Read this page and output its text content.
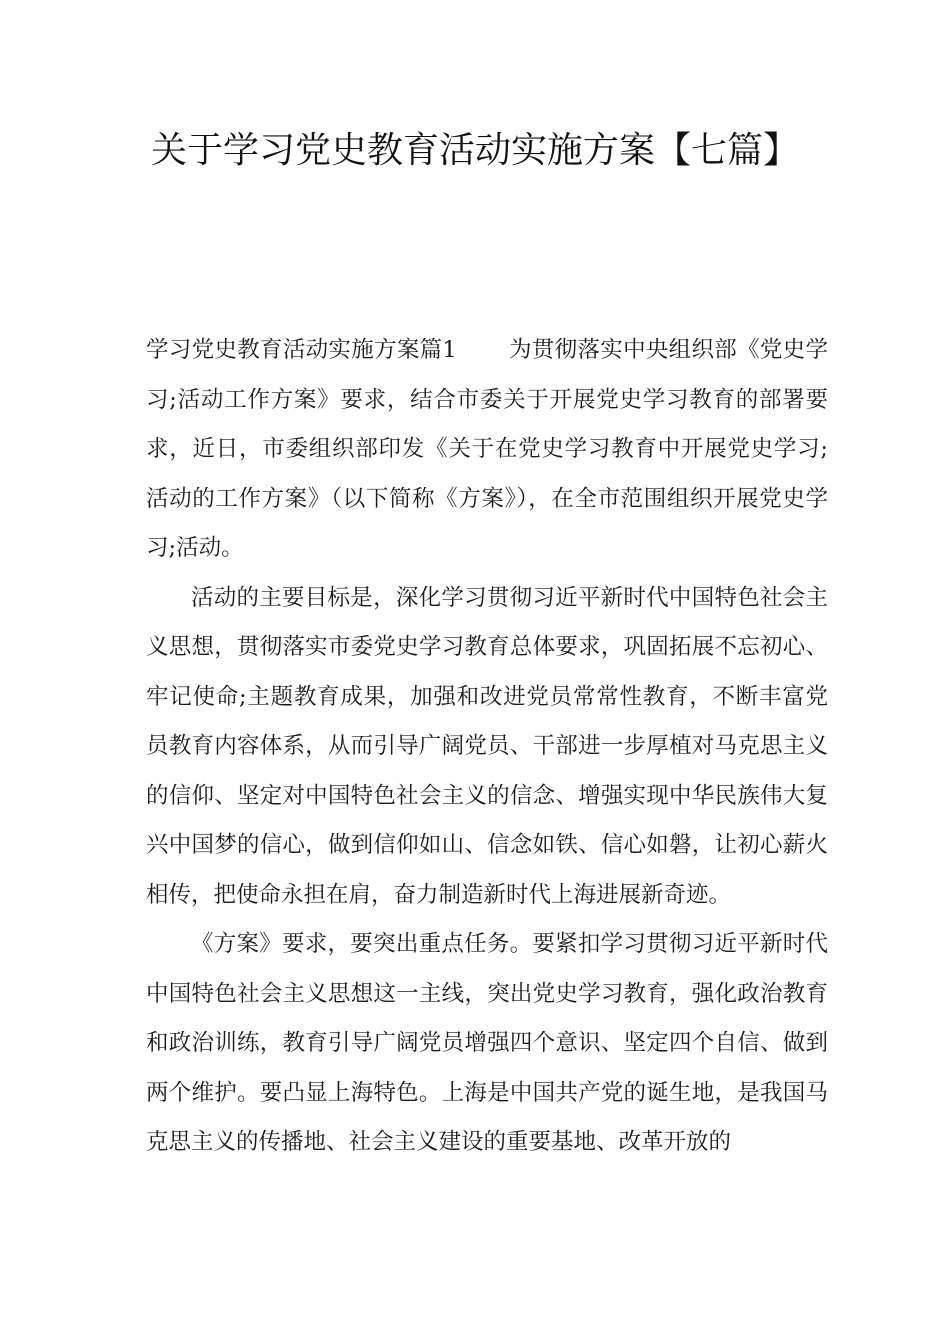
关于学习党史教育活动实施方案【七篇】

学习党史教育活动实施方案篇1 为贯彻落实中央组织部《党史学习;活动工作方案》要求，结合市委关于开展党史学习教育的部署要求，近日，市委组织部印发《关于在党史学习教育中开展党史学习;活动的工作方案》（以下简称《方案》），在全市范围组织开展党史学习;活动。

活动的主要目标是，深化学习贯彻习近平新时代中国特色社会主义思想，贯彻落实市委党史学习教育总体要求，巩固拓展不忘初心、牢记使命;主题教育成果，加强和改进党员常常性教育，不断丰富党员教育内容体系，从而引导广阔党员、干部进一步厚植对马克思主义的信仰、坚定对中国特色社会主义的信念、增强实现中华民族伟大复兴中国梦的信心，做到信仰如山、信念如铁、信心如磐，让初心薪火相传，把使命永担在肩，奋力制造新时代上海进展新奇迹。

《方案》要求，要突出重点任务。要紧扣学习贯彻习近平新时代中国特色社会主义思想这一主线，突出党史学习教育，强化政治教育和政治训练，教育引导广阔党员增强四个意识、坚定四个自信、做到两个维护。要凸显上海特色。上海是中国共产党的诞生地，是我国马克思主义的传播地、社会主义建设的重要基地、改革开放的
